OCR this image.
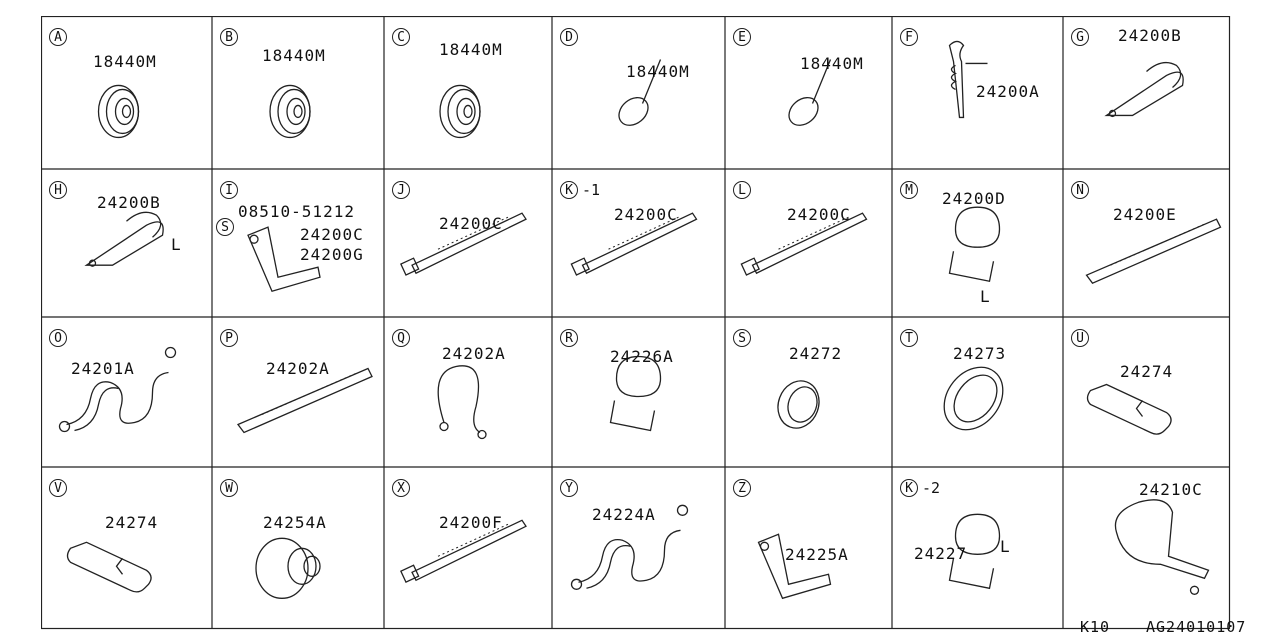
A
18440M
B
18440M
C
18440M
D
18440M
E
18440M
F
24200A
G	24200B
H
24200B
L
I
S
08510-51212
24200C
24200G
J
24200C
K -1
24200C
L
24200C
M	24200D
L
N
24200E
O
24201A
P
24202A
Q
24202A
R
24226A
S
24272
T
24273
U
24274
V
24274
W
24254A
X
24200F
Y
24224A
Z
24225A
K -2
24227 L
24210C
K10 AG24010107
